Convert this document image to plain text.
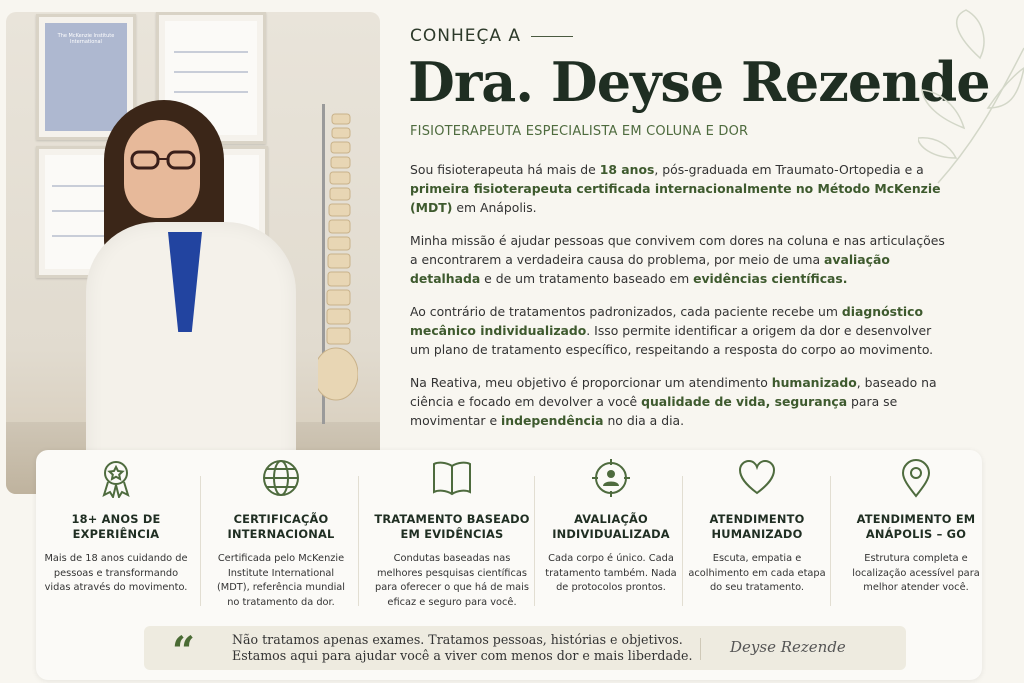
The McKenzie Institute International	CONHEÇA A
Dra. Deyse Rezende
FISIOTERAPEUTA ESPECIALISTA EM COLUNA E DOR

Sou fisioterapeuta há mais de 18 anos, pós-graduada em Traumato-Ortopedia e a primeira fisioterapeuta certificada internacionalmente no Método McKenzie (MDT) em Anápolis.

Minha missão é ajudar pessoas que convivem com dores na coluna e nas articulações a encontrarem a verdadeira causa do problema, por meio de uma avaliação detalhada e de um tratamento baseado em evidências científicas.

Ao contrário de tratamentos padronizados, cada paciente recebe um diagnóstico mecânico individualizado. Isso permite identificar a origem da dor e desenvolver um plano de tratamento específico, respeitando a resposta do corpo ao movimento.

Na Reativa, meu objetivo é proporcionar um atendimento humanizado, baseado na ciência e focado em devolver a você qualidade de vida, segurança para se movimentar e independência no dia a dia.

18+ ANOS DE EXPERIÊNCIA
Mais de 18 anos cuidando de pessoas e transformando vidas através do movimento.
CERTIFICAÇÃO INTERNACIONAL
Certificada pelo McKenzie Institute International (MDT), referência mundial no tratamento da dor.
TRATAMENTO BASEADO EM EVIDÊNCIAS
Condutas baseadas nas melhores pesquisas científicas para oferecer o que há de mais eficaz e seguro para você.
AVALIAÇÃO INDIVIDUALIZADA
Cada corpo é único. Cada tratamento também. Nada de protocolos prontos.
ATENDIMENTO HUMANIZADO
Escuta, empatia e acolhimento em cada etapa do seu tratamento.
ATENDIMENTO EM ANÁPOLIS – GO
Estrutura completa e localização acessível para melhor atender você.
“	Não tratamos apenas exames. Tratamos pessoas, histórias e objetivos.
Estamos aqui para ajudar você a viver com menos dor e mais liberdade.	Deyse Rezende
